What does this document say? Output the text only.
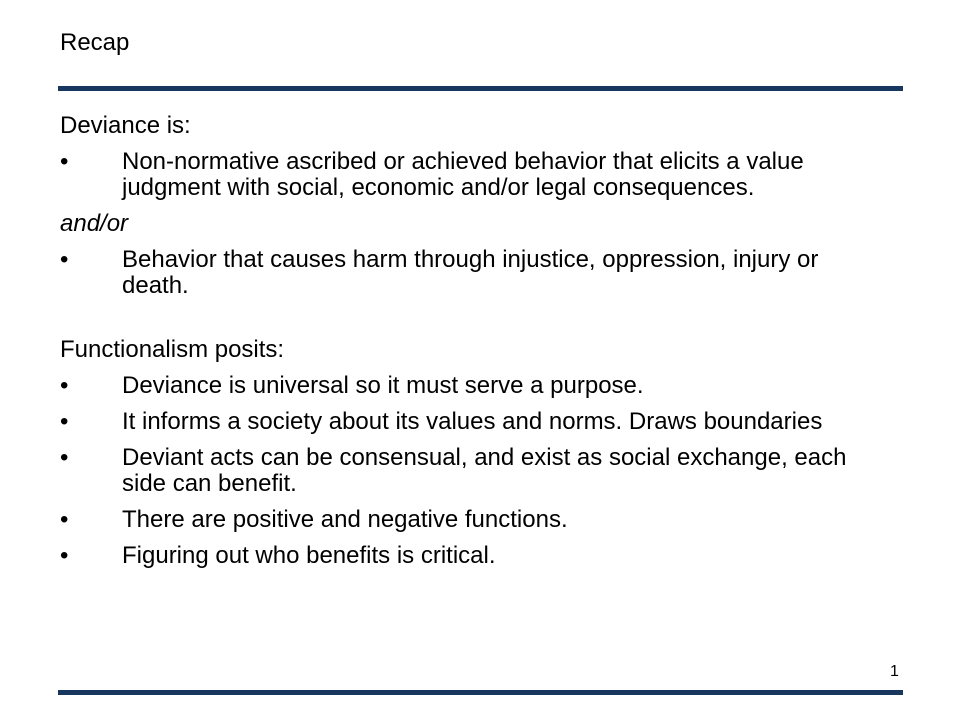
Recap

Deviance is:

•	Non-normative ascribed or achieved behavior that elicits a value judgment with social, economic and/or legal consequences.

and/or

•	Behavior that causes harm through injustice, oppression, injury or death.

Functionalism posits:

•	Deviance is universal so it must serve a purpose.
•	It informs a society about its values and norms. Draws boundaries
•	Deviant acts can be consensual, and exist as social exchange, each side can benefit.
•	There are positive and negative functions.
•	Figuring out who benefits is critical.
1
